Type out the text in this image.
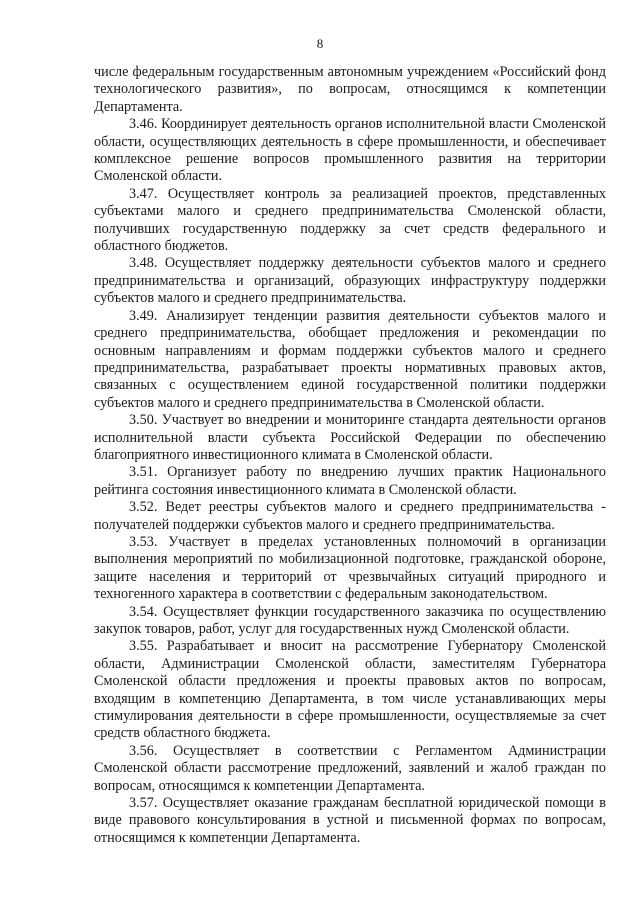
8

числе федеральным государственным автономным учреждением «Российский фонд технологического развития», по вопросам, относящимся к компетенции Департамента.

3.46. Координирует деятельность органов исполнительной власти Смоленской области, осуществляющих деятельность в сфере промышленности, и обеспечивает комплексное решение вопросов промышленного развития на территории Смоленской области.

3.47. Осуществляет контроль за реализацией проектов, представленных субъектами малого и среднего предпринимательства Смоленской области, получивших государственную поддержку за счет средств федерального и областного бюджетов.

3.48. Осуществляет поддержку деятельности субъектов малого и среднего предпринимательства и организаций, образующих инфраструктуру поддержки субъектов малого и среднего предпринимательства.

3.49. Анализирует тенденции развития деятельности субъектов малого и среднего предпринимательства, обобщает предложения и рекомендации по основным направлениям и формам поддержки субъектов малого и среднего предпринимательства, разрабатывает проекты нормативных правовых актов, связанных с осуществлением единой государственной политики поддержки субъектов малого и среднего предпринимательства в Смоленской области.

3.50. Участвует во внедрении и мониторинге стандарта деятельности органов исполнительной власти субъекта Российской Федерации по обеспечению благоприятного инвестиционного климата в Смоленской области.

3.51. Организует работу по внедрению лучших практик Национального рейтинга состояния инвестиционного климата в Смоленской области.

3.52. Ведет реестры субъектов малого и среднего предпринимательства - получателей поддержки субъектов малого и среднего предпринимательства.

3.53. Участвует в пределах установленных полномочий в организации выполнения мероприятий по мобилизационной подготовке, гражданской обороне, защите населения и территорий от чрезвычайных ситуаций природного и техногенного характера в соответствии с федеральным законодательством.

3.54. Осуществляет функции государственного заказчика по осуществлению закупок товаров, работ, услуг для государственных нужд Смоленской области.

3.55. Разрабатывает и вносит на рассмотрение Губернатору Смоленской области, Администрации Смоленской области, заместителям Губернатора Смоленской области предложения и проекты правовых актов по вопросам, входящим в компетенцию Департамента, в том числе устанавливающих меры стимулирования деятельности в сфере промышленности, осуществляемые за счет средств областного бюджета.

3.56. Осуществляет в соответствии с Регламентом Администрации Смоленской области рассмотрение предложений, заявлений и жалоб граждан по вопросам, относящимся к компетенции Департамента.

3.57. Осуществляет оказание гражданам бесплатной юридической помощи в виде правового консультирования в устной и письменной формах по вопросам, относящимся к компетенции Департамента.
